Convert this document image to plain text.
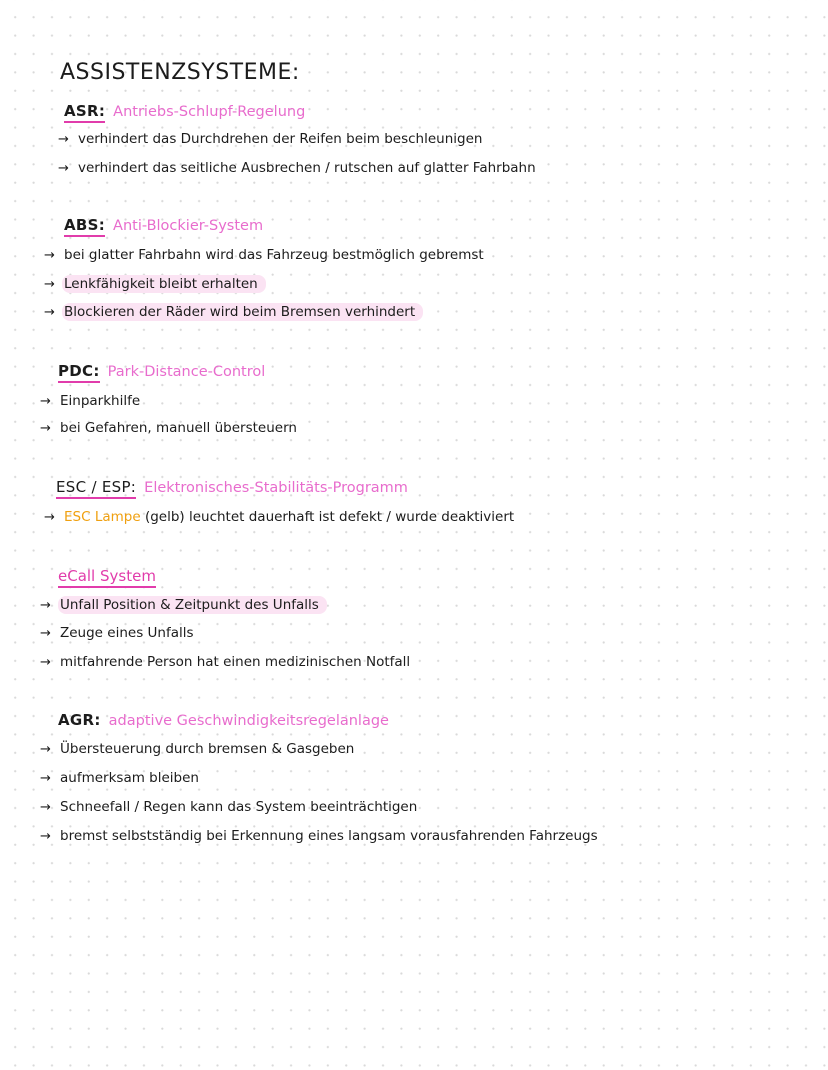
ASSISTENZSYSTEME:
ASR: Antriebs-Schlupf-Regelung
→ verhindert das Durchdrehen der Reifen beim beschleunigen
→ verhindert das seitliche Ausbrechen / rutschen auf glatter Fahrbahn
ABS: Anti-Blockier-System
→ bei glatter Fahrbahn wird das Fahrzeug bestmöglich gebremst
→ Lenkfähigkeit bleibt erhalten
→ Blockieren der Räder wird beim Bremsen verhindert
PDC: Park-Distance-Control
→ Einparkhilfe
→ bei Gefahren, manuell übersteuern
ESC / ESP: Elektronisches-Stabilitäts-Programm
→ ESC Lampe
(gelb) leuchtet dauerhaft ist defekt / wurde deaktiviert
eCall System
→ Unfall Position & Zeitpunkt des Unfalls
→ Zeuge eines Unfalls
→ mitfahrende Person hat einen medizinischen Notfall
AGR: adaptive Geschwindigkeitsregelanlage
→ Übersteuerung durch bremsen & Gasgeben
→ aufmerksam bleiben
→ Schneefall / Regen kann das System beeinträchtigen
→ bremst selbstständig bei Erkennung eines langsam vorausfahrenden Fahrzeugs
